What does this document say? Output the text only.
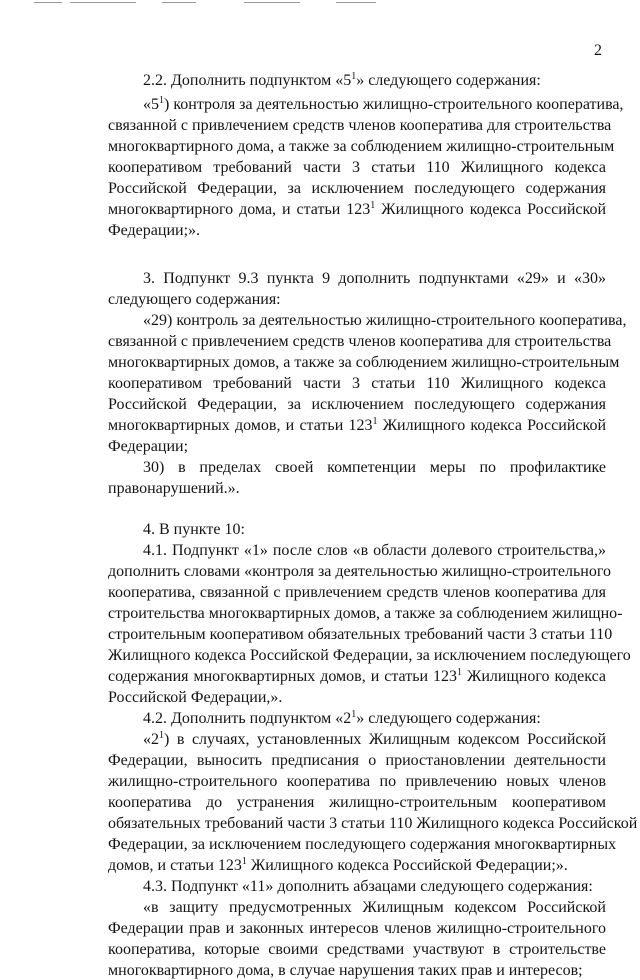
2
2.2. Дополнить подпунктом «$5^1$» следующего содержания:
«$5^1$) контроля за деятельностью жилищно-строительного кооператива,
связанной с привлечением средств членов кооператива для строительства
многоквартирного дома, а также за соблюдением жилищно-строительным
кооперативом требований части 3 статьи 110 Жилищного кодекса
Российской Федерации, за исключением последующего содержания
многоквартирного дома, и статьи $123^1$ Жилищного кодекса Российской
Федерации;».
3. Подпункт 9.3 пункта 9 дополнить подпунктами «29» и «30»
следующего содержания:
«29) контроль за деятельностью жилищно-строительного кооператива,
связанной с привлечением средств членов кооператива для строительства
многоквартирных домов, а также за соблюдением жилищно-строительным
кооперативом требований части 3 статьи 110 Жилищного кодекса
Российской Федерации, за исключением последующего содержания
многоквартирных домов, и статьи $123^1$ Жилищного кодекса Российской
Федерации;
30) в пределах своей компетенции меры по профилактике
правонарушений.».
4. В пункте 10:
4.1. Подпункт «1» после слов «в области долевого строительства,»
дополнить словами «контроля за деятельностью жилищно-строительного
кооператива, связанной с привлечением средств членов кооператива для
строительства многоквартирных домов, а также за соблюдением жилищно-
строительным кооперативом обязательных требований части 3 статьи 110
Жилищного кодекса Российской Федерации, за исключением последующего
содержания многоквартирных домов, и статьи $123^1$ Жилищного кодекса
Российской Федерации,».
4.2. Дополнить подпунктом «$2^1$» следующего содержания:
«$2^1$) в случаях, установленных Жилищным кодексом Российской
Федерации, выносить предписания о приостановлении деятельности
жилищно-строительного кооператива по привлечению новых членов
кооператива до устранения жилищно-строительным кооперативом
обязательных требований части 3 статьи 110 Жилищного кодекса Российской
Федерации, за исключением последующего содержания многоквартирных
домов, и статьи $123^1$ Жилищного кодекса Российской Федерации;».
4.3. Подпункт «11» дополнить абзацами следующего содержания:
«в защиту предусмотренных Жилищным кодексом Российской
Федерации прав и законных интересов членов жилищно-строительного
кооператива, которые своими средствами участвуют в строительстве
многоквартирного дома, в случае нарушения таких прав и интересов;
